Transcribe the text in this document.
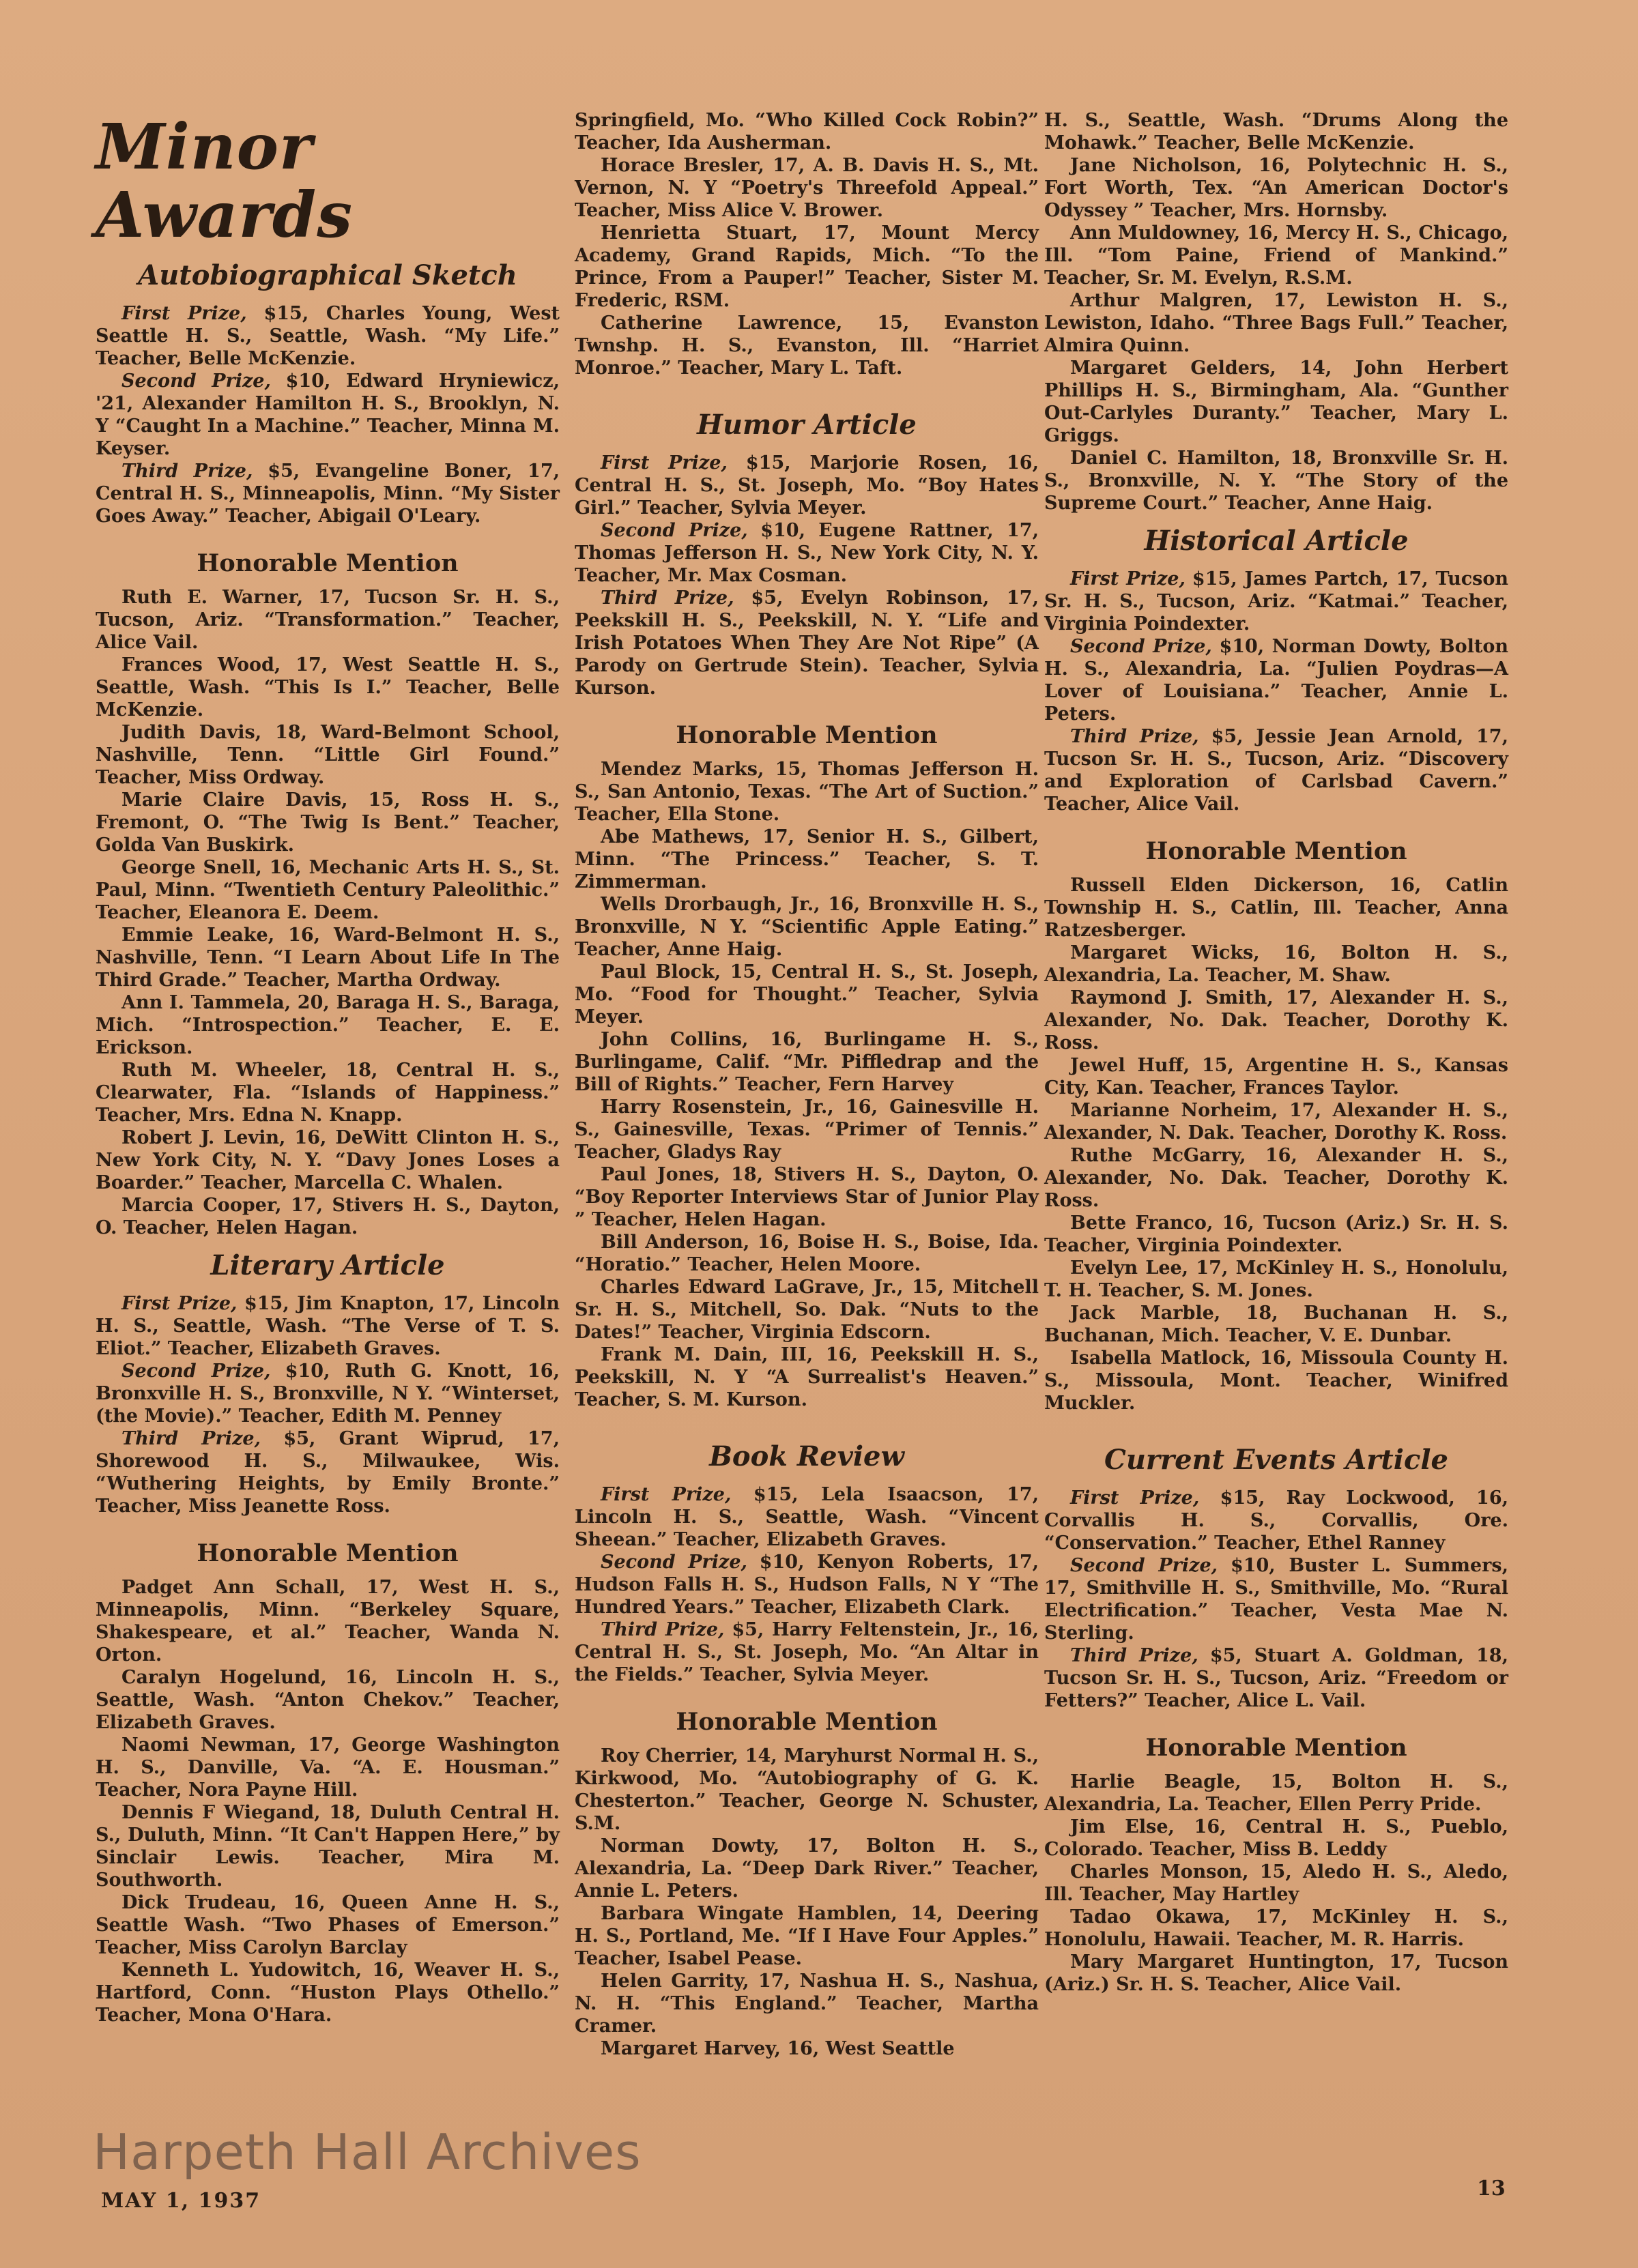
Minor Awards
Autobiographical Sketch

First Prize, $15, Charles Young, West Seattle H. S., Seattle, Wash. “My Life.” Teacher, Belle McKenzie.

Second Prize, $10, Edward Hryniewicz, '21, Alexander Hamilton H. S., Brooklyn, N. Y “Caught In a Machine.” Teacher, Minna M. Keyser.

Third Prize, $5, Evangeline Boner, 17, Central H. S., Minneapolis, Minn. “My Sister Goes Away.” Teacher, Abigail O'Leary.

Honorable Mention

Ruth E. Warner, 17, Tucson Sr. H. S., Tucson, Ariz. “Transformation.” Teacher, Alice Vail.

Frances Wood, 17, West Seattle H. S., Seattle, Wash. “This Is I.” Teacher, Belle McKenzie.

Judith Davis, 18, Ward-Belmont School, Nashville, Tenn. “Little Girl Found.” Teacher, Miss Ordway.

Marie Claire Davis, 15, Ross H. S., Fremont, O. “The Twig Is Bent.” Teacher, Golda Van Buskirk.

George Snell, 16, Mechanic Arts H. S., St. Paul, Minn. “Twentieth Century Paleolithic.” Teacher, Eleanora E. Deem.

Emmie Leake, 16, Ward-Belmont H. S., Nashville, Tenn. “I Learn About Life In The Third Grade.” Teacher, Martha Ordway.

Ann I. Tammela, 20, Baraga H. S., Baraga, Mich. “Introspection.” Teacher, E. E. Erickson.

Ruth M. Wheeler, 18, Central H. S., Clearwater, Fla. “Islands of Happiness.” Teacher, Mrs. Edna N. Knapp.

Robert J. Levin, 16, DeWitt Clinton H. S., New York City, N. Y. “Davy Jones Loses a Boarder.” Teacher, Marcella C. Whalen.

Marcia Cooper, 17, Stivers H. S., Dayton, O. Teacher, Helen Hagan.

Literary Article

First Prize, $15, Jim Knapton, 17, Lincoln H. S., Seattle, Wash. “The Verse of T. S. Eliot.” Teacher, Elizabeth Graves.

Second Prize, $10, Ruth G. Knott, 16, Bronxville H. S., Bronxville, N Y. “Winterset, (the Movie).” Teacher, Edith M. Penney

Third Prize, $5, Grant Wiprud, 17, Shorewood H. S., Milwaukee, Wis. “Wuthering Heights, by Emily Bronte.” Teacher, Miss Jeanette Ross.

Honorable Mention

Padget Ann Schall, 17, West H. S., Minneapolis, Minn. “Berkeley Square, Shakespeare, et al.” Teacher, Wanda N. Orton.

Caralyn Hogelund, 16, Lincoln H. S., Seattle, Wash. “Anton Chekov.” Teacher, Elizabeth Graves.

Naomi Newman, 17, George Washington H. S., Danville, Va. “A. E. Housman.” Teacher, Nora Payne Hill.

Dennis F Wiegand, 18, Duluth Central H. S., Duluth, Minn. “It Can't Happen Here,” by Sinclair Lewis. Teacher, Mira M. Southworth.

Dick Trudeau, 16, Queen Anne H. S., Seattle Wash. “Two Phases of Emerson.” Teacher, Miss Carolyn Barclay

Kenneth L. Yudowitch, 16, Weaver H. S., Hartford, Conn. “Huston Plays Othello.” Teacher, Mona O'Hara.

Springfield, Mo. “Who Killed Cock Robin?” Teacher, Ida Ausherman.

Horace Bresler, 17, A. B. Davis H. S., Mt. Vernon, N. Y “Poetry's Threefold Appeal.” Teacher, Miss Alice V. Brower.

Henrietta Stuart, 17, Mount Mercy Academy, Grand Rapids, Mich. “To the Prince, From a Pauper!” Teacher, Sister M. Frederic, RSM.

Catherine Lawrence, 15, Evanston Twnshp. H. S., Evanston, Ill. “Harriet Monroe.” Teacher, Mary L. Taft.

Humor Article

First Prize, $15, Marjorie Rosen, 16, Central H. S., St. Joseph, Mo. “Boy Hates Girl.” Teacher, Sylvia Meyer.

Second Prize, $10, Eugene Rattner, 17, Thomas Jefferson H. S., New York City, N. Y. Teacher, Mr. Max Cosman.

Third Prize, $5, Evelyn Robinson, 17, Peekskill H. S., Peekskill, N. Y. “Life and Irish Potatoes When They Are Not Ripe” (A Parody on Gertrude Stein). Teacher, Sylvia Kurson.

Honorable Mention

Mendez Marks, 15, Thomas Jefferson H. S., San Antonio, Texas. “The Art of Suction.” Teacher, Ella Stone.

Abe Mathews, 17, Senior H. S., Gilbert, Minn. “The Princess.” Teacher, S. T. Zimmerman.

Wells Drorbaugh, Jr., 16, Bronxville H. S., Bronxville, N Y. “Scientific Apple Eating.” Teacher, Anne Haig.

Paul Block, 15, Central H. S., St. Joseph, Mo. “Food for Thought.” Teacher, Sylvia Meyer.

John Collins, 16, Burlingame H. S., Burlingame, Calif. “Mr. Piffledrap and the Bill of Rights.” Teacher, Fern Harvey

Harry Rosenstein, Jr., 16, Gainesville H. S., Gainesville, Texas. “Primer of Tennis.” Teacher, Gladys Ray

Paul Jones, 18, Stivers H. S., Dayton, O. “Boy Reporter Interviews Star of Junior Play ” Teacher, Helen Hagan.

Bill Anderson, 16, Boise H. S., Boise, Ida. “Horatio.” Teacher, Helen Moore.

Charles Edward LaGrave, Jr., 15, Mitchell Sr. H. S., Mitchell, So. Dak. “Nuts to the Dates!” Teacher, Virginia Edscorn.

Frank M. Dain, III, 16, Peekskill H. S., Peekskill, N. Y “A Surrealist's Heaven.” Teacher, S. M. Kurson.

Book Review

First Prize, $15, Lela Isaacson, 17, Lincoln H. S., Seattle, Wash. “Vincent Sheean.” Teacher, Elizabeth Graves.

Second Prize, $10, Kenyon Roberts, 17, Hudson Falls H. S., Hudson Falls, N Y “The Hundred Years.” Teacher, Elizabeth Clark.

Third Prize, $5, Harry Feltenstein, Jr., 16, Central H. S., St. Joseph, Mo. “An Altar in the Fields.” Teacher, Sylvia Meyer.

Honorable Mention

Roy Cherrier, 14, Maryhurst Normal H. S., Kirkwood, Mo. “Autobiography of G. K. Chesterton.” Teacher, George N. Schuster, S.M.

Norman Dowty, 17, Bolton H. S., Alexandria, La. “Deep Dark River.” Teacher, Annie L. Peters.

Barbara Wingate Hamblen, 14, Deering H. S., Portland, Me. “If I Have Four Apples.” Teacher, Isabel Pease.

Helen Garrity, 17, Nashua H. S., Nashua, N. H. “This England.” Teacher, Martha Cramer.

Margaret Harvey, 16, West Seattle

H. S., Seattle, Wash. “Drums Along the Mohawk.” Teacher, Belle McKenzie.

Jane Nicholson, 16, Polytechnic H. S., Fort Worth, Tex. “An American Doctor's Odyssey ” Teacher, Mrs. Hornsby.

Ann Muldowney, 16, Mercy H. S., Chicago, Ill. “Tom Paine, Friend of Mankind.” Teacher, Sr. M. Evelyn, R.S.M.

Arthur Malgren, 17, Lewiston H. S., Lewiston, Idaho. “Three Bags Full.” Teacher, Almira Quinn.

Margaret Gelders, 14, John Herbert Phillips H. S., Birmingham, Ala. “Gunther Out-Carlyles Duranty.” Teacher, Mary L. Griggs.

Daniel C. Hamilton, 18, Bronxville Sr. H. S., Bronxville, N. Y. “The Story of the Supreme Court.” Teacher, Anne Haig.

Historical Article

First Prize, $15, James Partch, 17, Tucson Sr. H. S., Tucson, Ariz. “Katmai.” Teacher, Virginia Poindexter.

Second Prize, $10, Norman Dowty, Bolton H. S., Alexandria, La. “Julien Poydras—A Lover of Louisiana.” Teacher, Annie L. Peters.

Third Prize, $5, Jessie Jean Arnold, 17, Tucson Sr. H. S., Tucson, Ariz. “Discovery and Exploration of Carlsbad Cavern.” Teacher, Alice Vail.

Honorable Mention

Russell Elden Dickerson, 16, Catlin Township H. S., Catlin, Ill. Teacher, Anna Ratzesberger.

Margaret Wicks, 16, Bolton H. S., Alexandria, La. Teacher, M. Shaw.

Raymond J. Smith, 17, Alexander H. S., Alexander, No. Dak. Teacher, Dorothy K. Ross.

Jewel Huff, 15, Argentine H. S., Kansas City, Kan. Teacher, Frances Taylor.

Marianne Norheim, 17, Alexander H. S., Alexander, N. Dak. Teacher, Dorothy K. Ross.

Ruthe McGarry, 16, Alexander H. S., Alexander, No. Dak. Teacher, Dorothy K. Ross.

Bette Franco, 16, Tucson (Ariz.) Sr. H. S. Teacher, Virginia Poindexter.

Evelyn Lee, 17, McKinley H. S., Honolulu, T. H. Teacher, S. M. Jones.

Jack Marble, 18, Buchanan H. S., Buchanan, Mich. Teacher, V. E. Dunbar.

Isabella Matlock, 16, Missoula County H. S., Missoula, Mont. Teacher, Winifred Muckler.

Current Events Article

First Prize, $15, Ray Lockwood, 16, Corvallis H. S., Corvallis, Ore. “Conservation.” Teacher, Ethel Ranney

Second Prize, $10, Buster L. Summers, 17, Smithville H. S., Smithville, Mo. “Rural Electrification.” Teacher, Vesta Mae N. Sterling.

Third Prize, $5, Stuart A. Goldman, 18, Tucson Sr. H. S., Tucson, Ariz. “Freedom or Fetters?” Teacher, Alice L. Vail.

Honorable Mention

Harlie Beagle, 15, Bolton H. S., Alexandria, La. Teacher, Ellen Perry Pride.

Jim Else, 16, Central H. S., Pueblo, Colorado. Teacher, Miss B. Leddy

Charles Monson, 15, Aledo H. S., Aledo, Ill. Teacher, May Hartley

Tadao Okawa, 17, McKinley H. S., Honolulu, Hawaii. Teacher, M. R. Harris.

Mary Margaret Huntington, 17, Tucson (Ariz.) Sr. H. S. Teacher, Alice Vail.

Harpeth Hall Archives
MAY 1, 1937
13
